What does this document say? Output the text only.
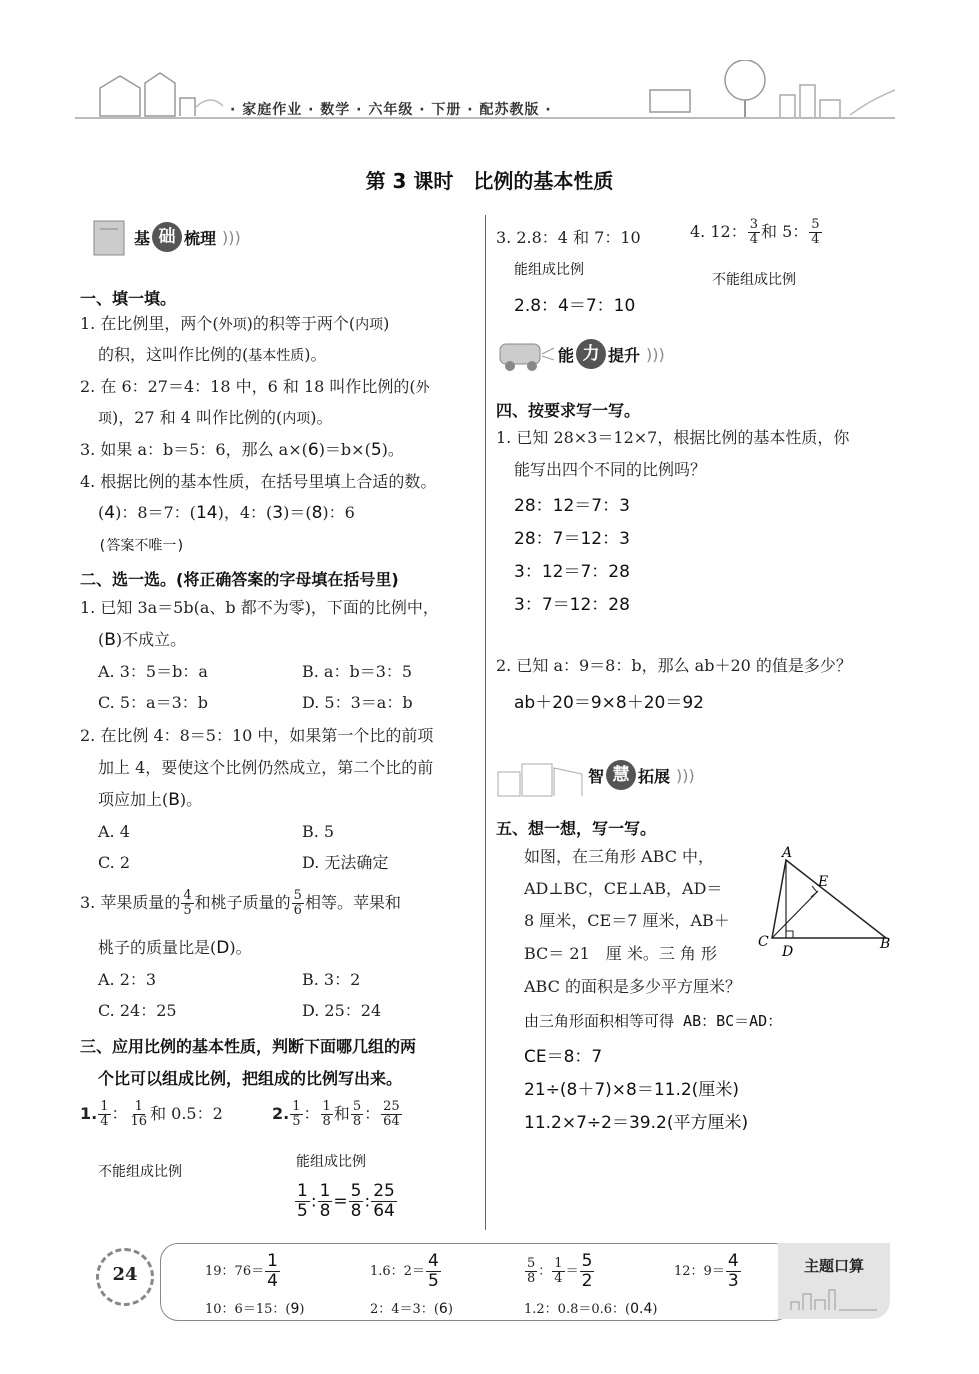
· 家庭作业 · 数学 · 六年级 · 下册 · 配苏教版 ·
第 3 课时　比例的基本性质
基 础 梳理 )))
一、填一填。
1. 在比例里，两个(外项)的积等于两个(内项)
的积，这叫作比例的(基本性质)。
2. 在 6：27＝4：18 中，6 和 18 叫作比例的(外
项)，27 和 4 叫作比例的(内项)。
3. 如果 a：b＝5：6，那么 a×(6)＝b×(5)。
4. 根据比例的基本性质，在括号里填上合适的数。
(4)：8＝7：(14)，4：(3)＝(8)：6
(答案不唯一)
二、选一选。(将正确答案的字母填在括号里)
1. 已知 3a＝5b(a、b 都不为零)，下面的比例中，
(B)不成立。
A. 3：5＝b：a	B. a：b＝3：5
C. 5：a＝3：b	D. 5：3＝a：b
2. 在比例 4：8＝5：10 中，如果第一个比的前项
加上 4，要使这个比例仍然成立，第二个比的前
项应加上(B)。
A. 4	B. 5
C. 2	D. 无法确定
3. 苹果质量的 $\frac{4}{5}$ 和桃子质量的 $\frac{5}{6}$ 相等。苹果和
桃子的质量比是(D)。
A. 2：3	B. 3：2
C. 24：25	D. 25：24
三、应用比例的基本性质，判断下面哪几组的两
个比可以组成比例，把组成的比例写出来。
1. $\frac{1}{4}$ ： $\frac{1}{16}$ 和 0.5：2
不能组成比例
2. $\frac{1}{5}$ ： $\frac{1}{8}$ 和 $\frac{5}{8}$ ： $\frac{25}{64}$
能组成比例
$\frac{1}{5}$ : $\frac{1}{8} = \frac{5}{8}$ : $\frac{25}{64}$
3. 2.8：4 和 7：10
能组成比例
2.8：4＝7：10
4. 12： $\frac{3}{4}$ 和 5： $\frac{5}{4}$
不能组成比例
能 力 提升 )))
四、按要求写一写。
1. 已知 28×3＝12×7，根据比例的基本性质，你
能写出四个不同的比例吗？
28：12＝7：3
28：7＝12：3
3：12＝7：28
3：7＝12：28
2. 已知 a：9＝8：b，那么 ab＋20 的值是多少？
ab＋20＝9×8＋20＝92
智 慧 拓展 )))
五、想一想，写一写。
如图，在三角形 ABC 中，
AD⊥BC，CE⊥AB，AD＝
8 厘米，CE＝7 厘米，AB＋
BC＝ 21　厘 米。三 角 形
ABC 的面积是多少平方厘米？
A
B
C
D
E
由三角形面积相等可得 AB：BC＝AD：
CE＝8：7
21÷(8＋7)×8＝11.2(厘米)
11.2×7÷2＝39.2(平方厘米)
24	主题口算
19：$76= \frac{1}{4}$	1.6：$2= \frac{4}{5}$	$\frac{5}{8}$ ： $\frac{1}{4} = \frac{5}{2}$	12：$9= \frac{4}{3}$
10：6＝15：(9)	2：4＝3：(6)	1.2：0.8＝0.6：(0.4)
